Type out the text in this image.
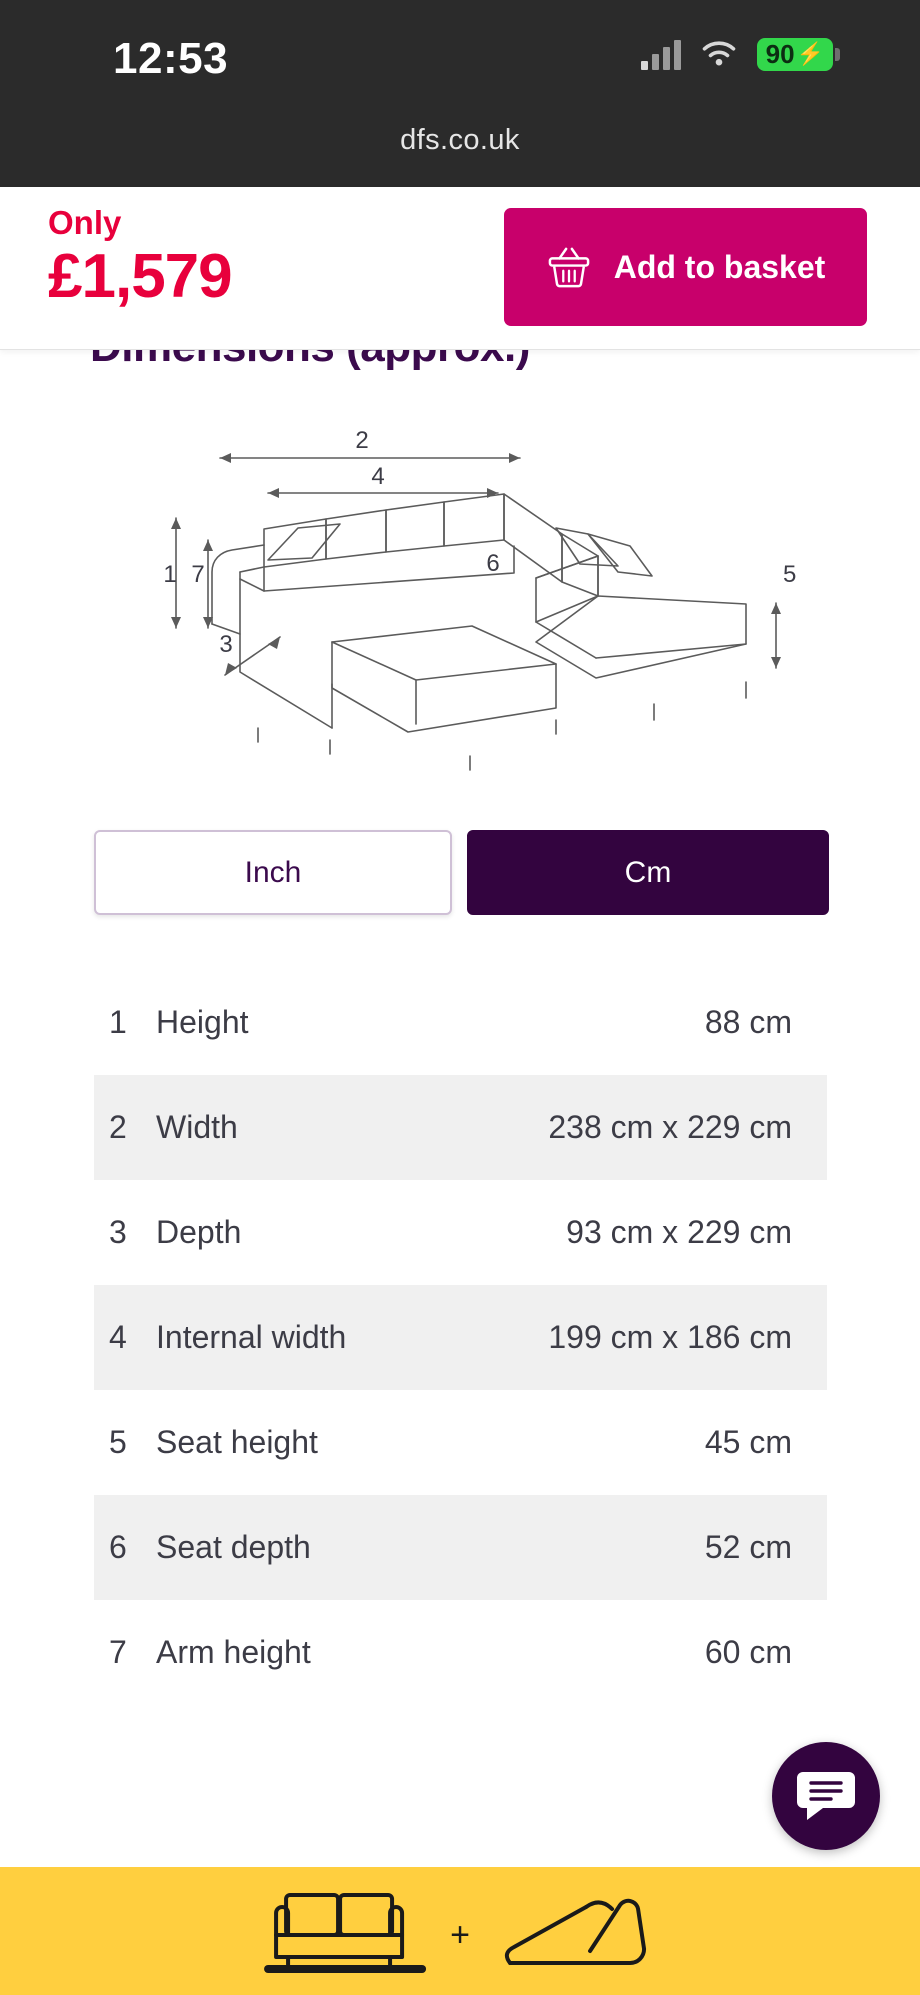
12:53	90 ⚡
dfs.co.uk
Only
£1,579	Add to basket
2
4
1 7	5
3
6
Inch	Cm
1	Height	88 cm
2	Width	238 cm x 229 cm
3	Depth	93 cm x 229 cm
4	Internal width	199 cm x 186 cm
5	Seat height	45 cm
6	Seat depth	52 cm
7	Arm height	60 cm
+
